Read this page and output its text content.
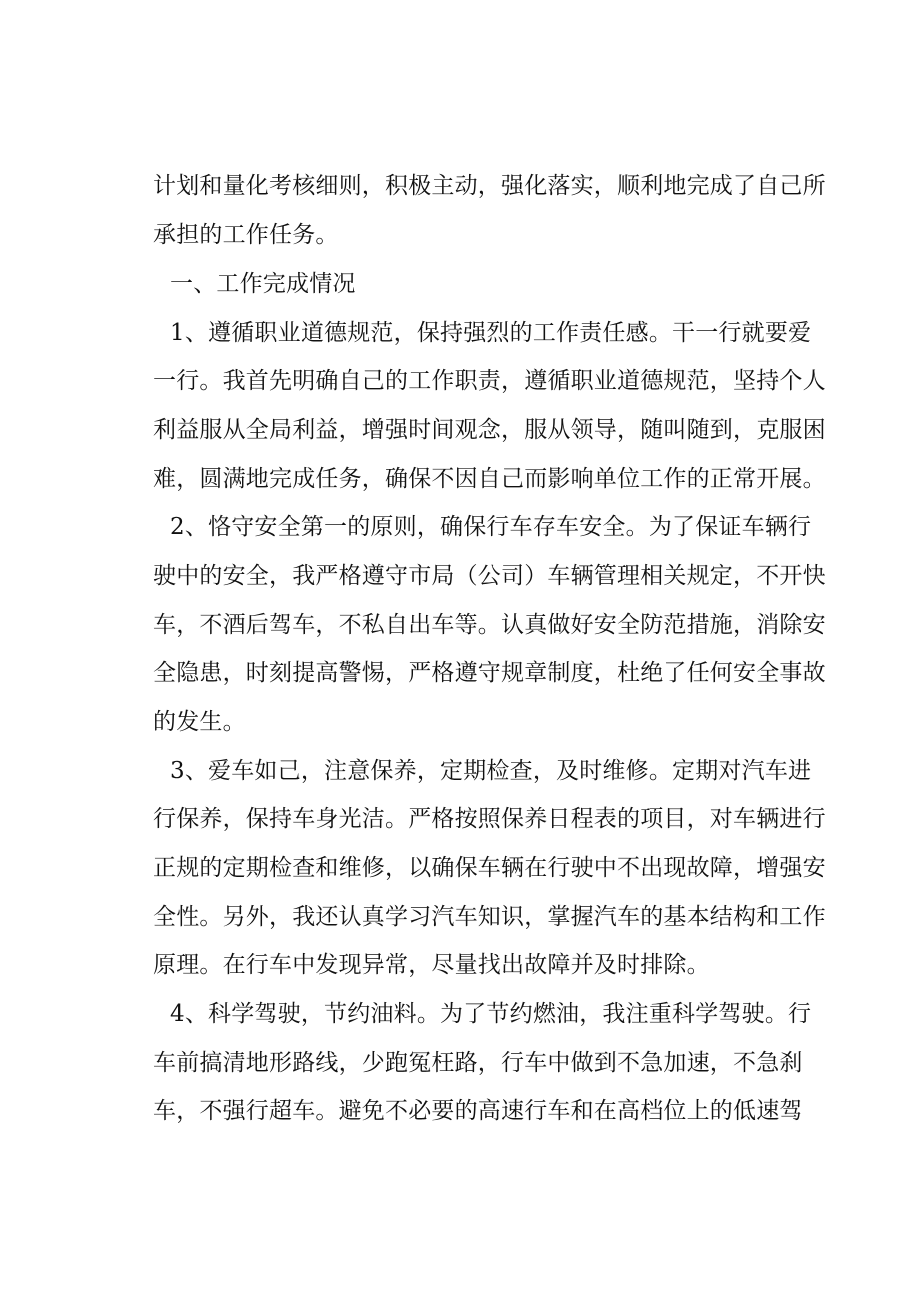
计划和量化考核细则，积极主动，强化落实，顺利地完成了自己所
承担的工作任务。
一、工作完成情况
1、遵循职业道德规范，保持强烈的工作责任感。干一行就要爱
一行。我首先明确自己的工作职责，遵循职业道德规范，坚持个人
利益服从全局利益，增强时间观念，服从领导，随叫随到，克服困
难，圆满地完成任务，确保不因自己而影响单位工作的正常开展。
2、恪守安全第一的原则，确保行车存车安全。为了保证车辆行
驶中的安全，我严格遵守市局（公司）车辆管理相关规定，不开快
车，不酒后驾车，不私自出车等。认真做好安全防范措施，消除安
全隐患，时刻提高警惕，严格遵守规章制度，杜绝了任何安全事故
的发生。
3、爱车如己，注意保养，定期检查，及时维修。定期对汽车进
行保养，保持车身光洁。严格按照保养日程表的项目，对车辆进行
正规的定期检查和维修，以确保车辆在行驶中不出现故障，增强安
全性。另外，我还认真学习汽车知识，掌握汽车的基本结构和工作
原理。在行车中发现异常，尽量找出故障并及时排除。
4、科学驾驶，节约油料。为了节约燃油，我注重科学驾驶。行
车前搞清地形路线，少跑冤枉路，行车中做到不急加速，不急刹
车，不强行超车。避免不必要的高速行车和在高档位上的低速驾
